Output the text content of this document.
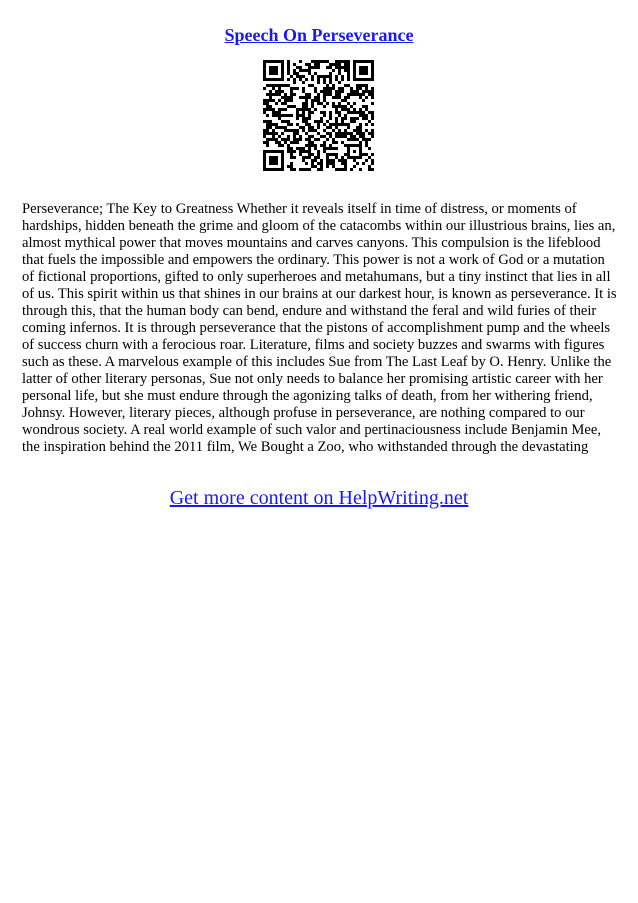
Speech On Perseverance

Perseverance; The Key to Greatness Whether it reveals itself in time of distress, or moments of hardships, hidden beneath the grime and gloom of the catacombs within our illustrious brains, lies an, almost mythical power that moves mountains and carves canyons. This compulsion is the lifeblood that fuels the impossible and empowers the ordinary. This power is not a work of God or a mutation of fictional proportions, gifted to only superheroes and metahumans, but a tiny instinct that lies in all of us. This spirit within us that shines in our brains at our darkest hour, is known as perseverance. It is through this, that the human body can bend, endure and withstand the feral and wild furies of their coming infernos. It is through perseverance that the pistons of accomplishment pump and the wheels of success churn with a ferocious roar. Literature, films and society buzzes and swarms with figures such as these. A marvelous example of this includes Sue from The Last Leaf by O. Henry. Unlike the latter of other literary personas, Sue not only needs to balance her promising artistic career with her personal life, but she must endure through the agonizing talks of death, from her withering friend, Johnsy. However, literary pieces, although profuse in perseverance, are nothing compared to our wondrous society. A real world example of such valor and pertinaciousness include Benjamin Mee, the inspiration behind the 2011 film, We Bought a Zoo, who withstanded through the devastating

Get more content on HelpWriting.net
